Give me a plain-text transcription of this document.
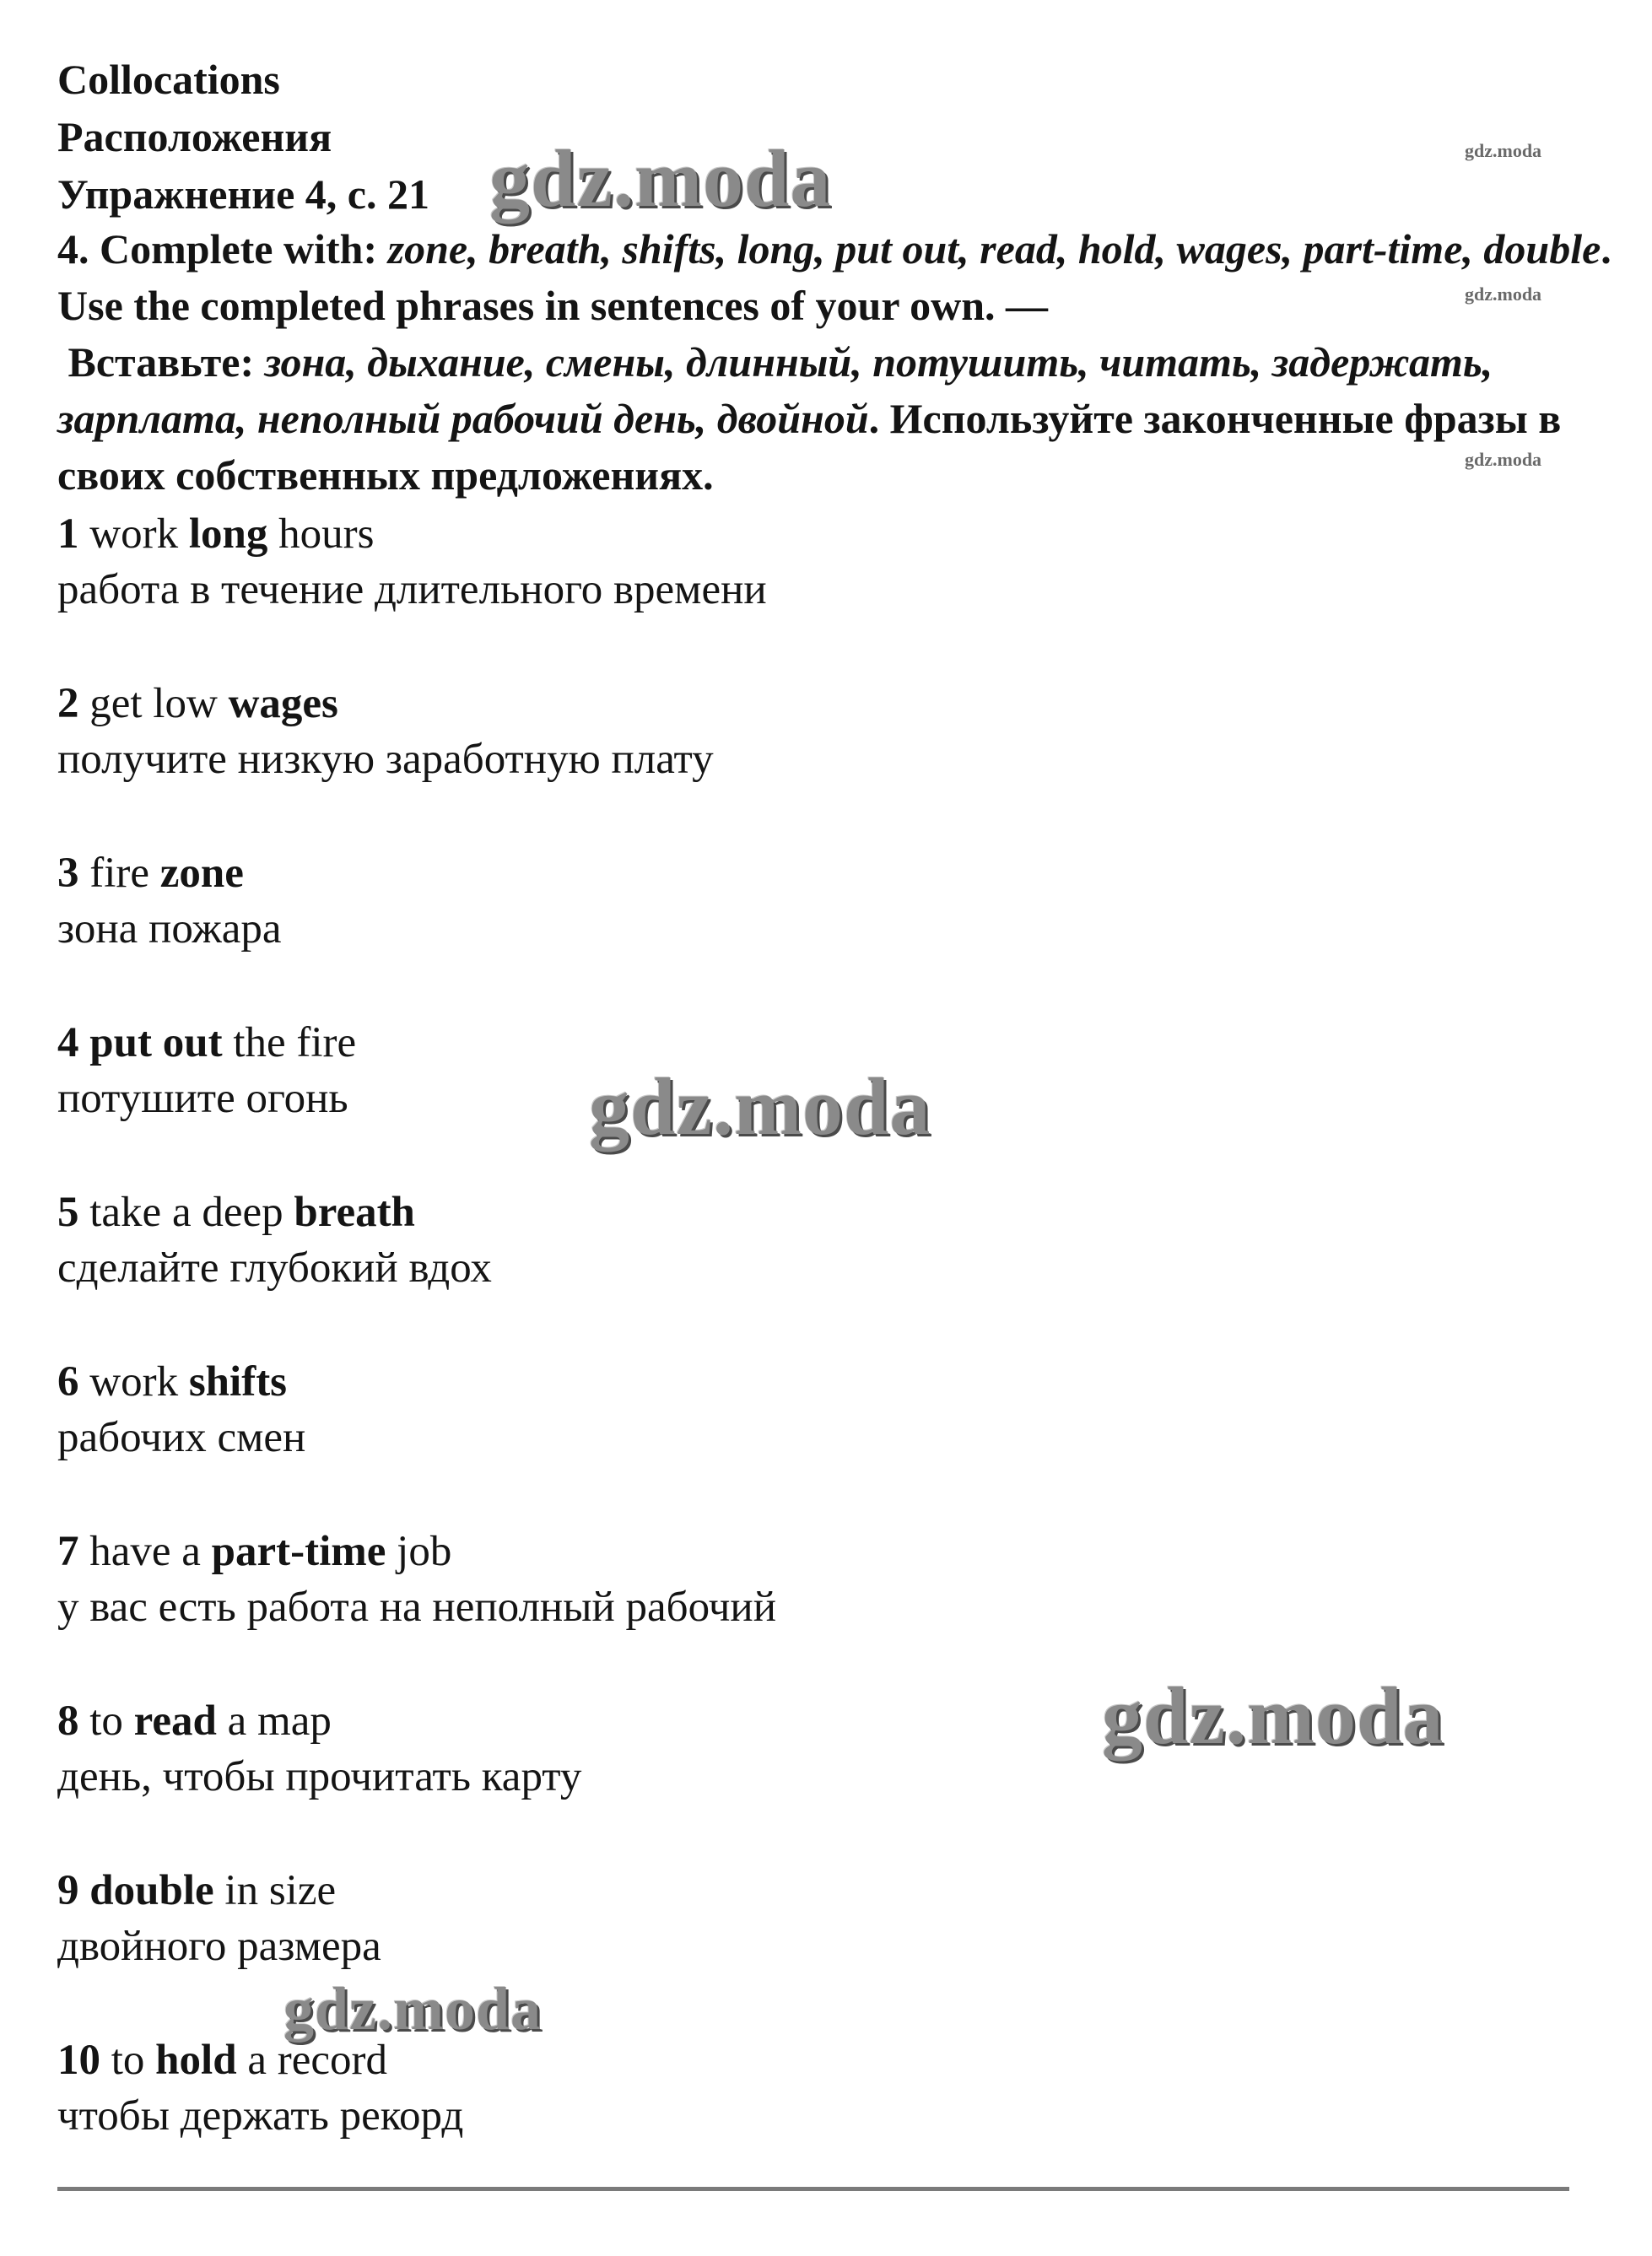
Collocations
Расположения
Упражнение 4, с. 21
4. Complete with: zone, breath, shifts, long, put out, read, hold, wages, part-time, double. Use the completed phrases in sentences of your own. —
Вставьте: зона, дыхание, смены, длинный, потушить, читать, задержать, зарплата, неполный рабочий день, двойной. Используйте законченные фразы в своих собственных предложениях.
1 work long hours
работа в течение длительного времени
2 get low wages
получите низкую заработную плату
3 fire zone
зона пожара
4 put out the fire
потушите огонь
5 take a deep breath
сделайте глубокий вдох
6 work shifts
рабочих смен
7 have a part-time job
у вас есть работа на неполный рабочий
8 to read a map
день, чтобы прочитать карту
9 double in size
двойного размера
10 to hold a record
чтобы держать рекорд
gdz.moda
gdz.moda
gdz.moda
gdz.moda
gdz.moda
gdz.moda
gdz.moda
